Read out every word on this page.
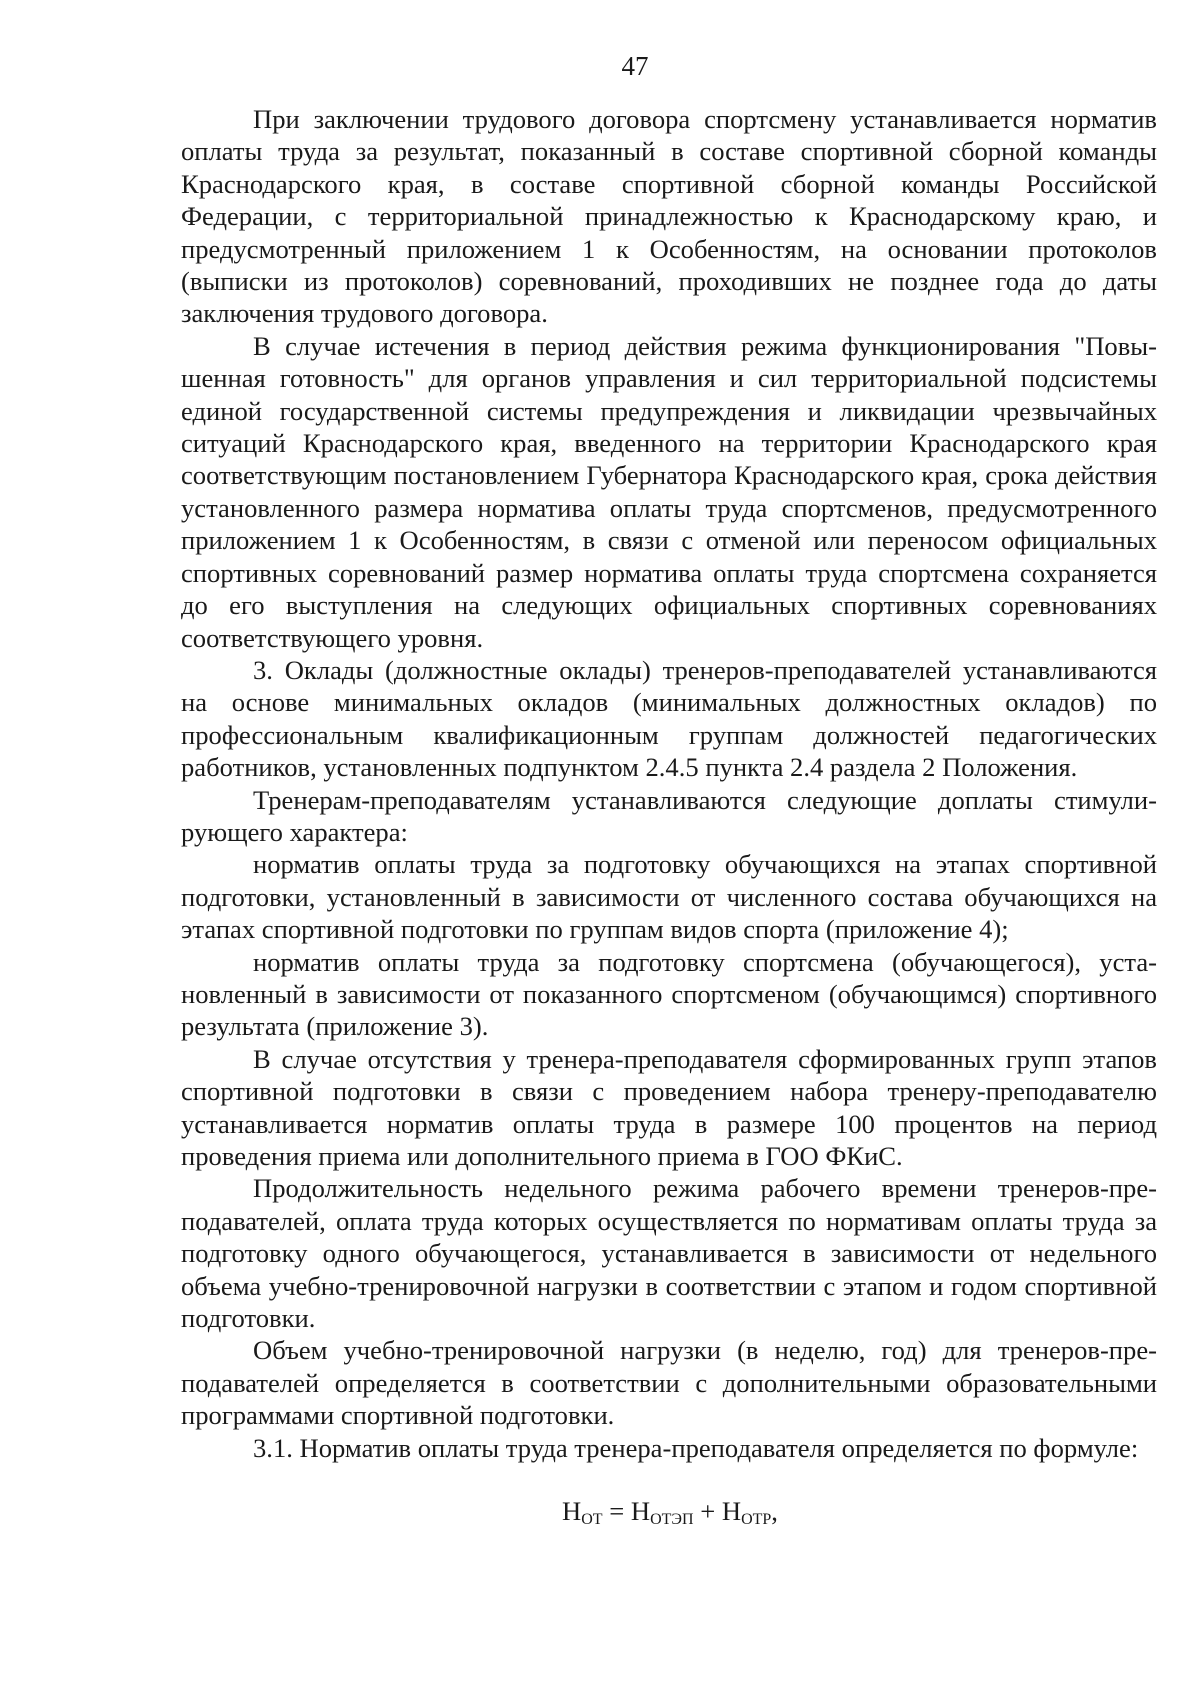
47

При заключении трудового договора спортсмену устанавливается норматив оплаты труда за результат, показанный в составе спортивной сборной команды Краснодарского края, в составе спортивной сборной команды Российской Федерации, с территориальной принадлежностью к Краснодарскому краю, и предусмотренный приложением 1 к Особенностям, на основании протоколов (выписки из протоколов) соревнований, проходивших не позднее года до даты заключения трудового договора.

В случае истечения в период действия режима функционирования "Повышенная готовность" для органов управления и сил территориальной подсистемы единой государственной системы предупреждения и ликвидации чрезвычайных ситуаций Краснодарского края, введенного на территории Краснодарского края соответствующим постановлением Губернатора Краснодарского края, срока действия установленного размера норматива оплаты труда спортсменов, предусмотренного приложением 1 к Особенностям, в связи с отменой или переносом официальных спортивных соревнований размер норматива оплаты труда спортсмена сохраняется до его выступления на следующих официальных спортивных соревнованиях соответствующего уровня.

3. Оклады (должностные оклады) тренеров-преподавателей устанавливаются на основе минимальных окладов (минимальных должностных окладов) по профессиональным квалификационным группам должностей педагогических работников, установленных подпунктом 2.4.5 пункта 2.4 раздела 2 Положения.

Тренерам-преподавателям устанавливаются следующие доплаты стимулирующего характера:

норматив оплаты труда за подготовку обучающихся на этапах спортивной подготовки, установленный в зависимости от численного состава обучающихся на этапах спортивной подготовки по группам видов спорта (приложение 4);

норматив оплаты труда за подготовку спортсмена (обучающегося), установленный в зависимости от показанного спортсменом (обучающимся) спортивного результата (приложение 3).

В случае отсутствия у тренера-преподавателя сформированных групп этапов спортивной подготовки в связи с проведением набора тренеру-преподавателю устанавливается норматив оплаты труда в размере 100 процентов на период проведения приема или дополнительного приема в ГОО ФКиС.

Продолжительность недельного режима рабочего времени тренеров-преподавателей, оплата труда которых осуществляется по нормативам оплаты труда за подготовку одного обучающегося, устанавливается в зависимости от недельного объема учебно-тренировочной нагрузки в соответствии с этапом и годом спортивной подготовки.

Объем учебно-тренировочной нагрузки (в неделю, год) для тренеров-преподавателей определяется в соответствии с дополнительными образовательными программами спортивной подготовки.

3.1. Норматив оплаты труда тренера-преподавателя определяется по формуле:

$Н_{ОТ} = Н_{ОТЭП} + Н_{ОТР}$,
